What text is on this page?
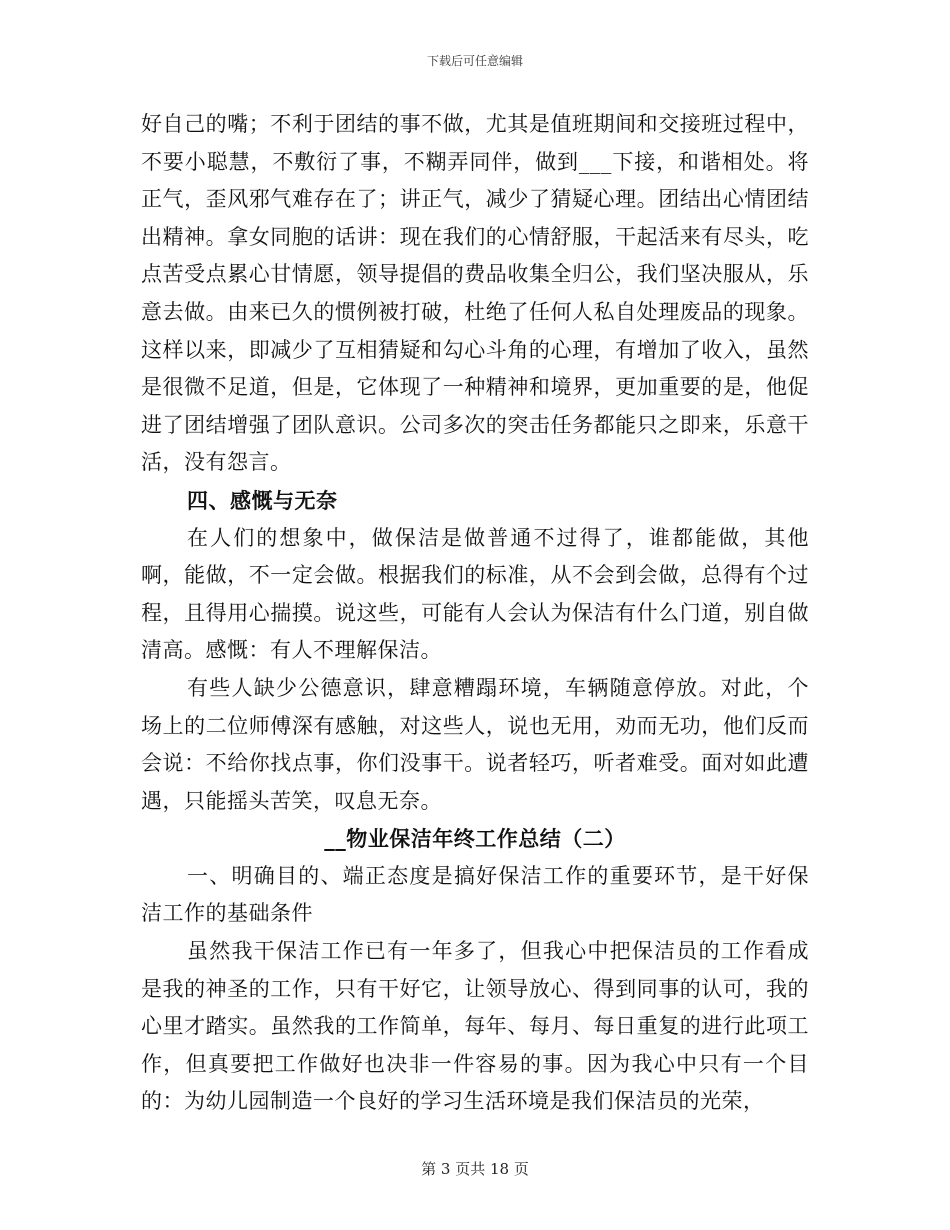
下载后可任意编辑

好自己的嘴；不利于团结的事不做，尤其是值班期间和交接班过程中，不要小聪慧，不敷衍了事，不糊弄同伴，做到___下接，和谐相处。将正气，歪风邪气难存在了；讲正气，减少了猜疑心理。团结出心情团结出精神。拿女同胞的话讲：现在我们的心情舒服，干起活来有尽头，吃点苦受点累心甘情愿，领导提倡的费品收集全归公，我们坚决服从，乐意去做。由来已久的惯例被打破，杜绝了任何人私自处理废品的现象。这样以来，即减少了互相猜疑和勾心斗角的心理，有增加了收入，虽然是很微不足道，但是，它体现了一种精神和境界，更加重要的是，他促进了团结增强了团队意识。公司多次的突击任务都能只之即来，乐意干活，没有怨言。

四、感慨与无奈

在人们的想象中，做保洁是做普通不过得了，谁都能做，其他啊，能做，不一定会做。根据我们的标准，从不会到会做，总得有个过程，且得用心揣摸。说这些，可能有人会认为保洁有什么门道，别自做清高。感慨：有人不理解保洁。

有些人缺少公德意识，肆意糟蹋环境，车辆随意停放。对此，个场上的二位师傅深有感触，对这些人，说也无用，劝而无功，他们反而会说：不给你找点事，你们没事干。说者轻巧，听者难受。面对如此遭遇，只能摇头苦笑，叹息无奈。

__物业保洁年终工作总结（二）

一、明确目的、端正态度是搞好保洁工作的重要环节，是干好保洁工作的基础条件

虽然我干保洁工作已有一年多了，但我心中把保洁员的工作看成是我的神圣的工作，只有干好它，让领导放心、得到同事的认可，我的心里才踏实。虽然我的工作简单，每年、每月、每日重复的进行此项工作，但真要把工作做好也决非一件容易的事。因为我心中只有一个目的：为幼儿园制造一个良好的学习生活环境是我们保洁员的光荣，

第 3 页共 18 页
